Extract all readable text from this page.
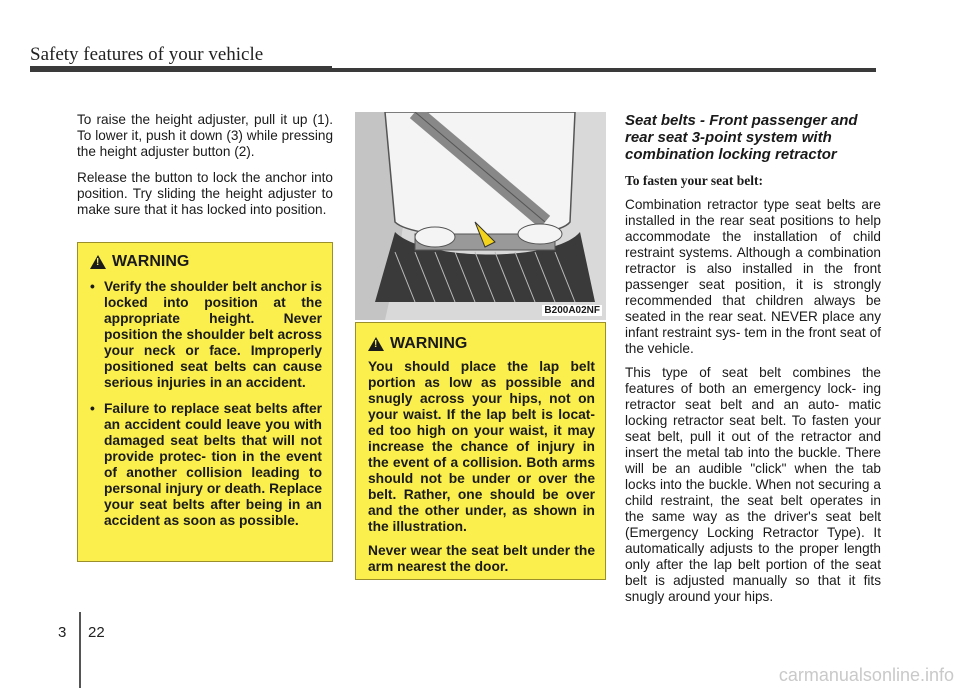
Safety features of your vehicle

To raise the height adjuster, pull it up (1). To lower it, push it down (3) while pressing the height adjuster button (2).

Release the button to lock the anchor into position. Try sliding the height adjuster to make sure that it has locked into position.

!
WARNING
• Verify the shoulder belt anchor is locked into position at the appropriate height. Never position the shoulder belt across your neck or face. Improperly positioned seat belts can cause serious injuries in an accident.
• Failure to replace seat belts after an accident could leave you with damaged seat belts that will not provide protec- tion in the event of another collision leading to personal injury or death. Replace your seat belts after being in an accident as soon as possible.
B200A02NF
!
WARNING

You should place the lap belt portion as low as possible and snugly across your hips, not on your waist. If the lap belt is locat- ed too high on your waist, it may increase the chance of injury in the event of a collision. Both arms should not be under or over the belt. Rather, one should be over and the other under, as shown in the illustration.

Never wear the seat belt under the arm nearest the door.

Seat belts - Front passenger and rear seat 3-point system with combination locking retractor
To fasten your seat belt:

Combination retractor type seat belts are installed in the rear seat positions to help accommodate the installation of child restraint systems. Although a combination retractor is also installed in the front passenger seat position, it is strongly recommended that children always be seated in the rear seat. NEVER place any infant restraint sys- tem in the front seat of the vehicle.

This type of seat belt combines the features of both an emergency lock- ing retractor seat belt and an auto- matic locking retractor seat belt. To fasten your seat belt, pull it out of the retractor and insert the metal tab into the buckle. There will be an audible "click" when the tab locks into the buckle. When not securing a child restraint, the seat belt operates in the same way as the driver's seat belt (Emergency Locking Retractor Type). It automatically adjusts to the proper length only after the lap belt portion of the seat belt is adjusted manually so that it fits snugly around your hips.

3 22
carmanualsonline.info
